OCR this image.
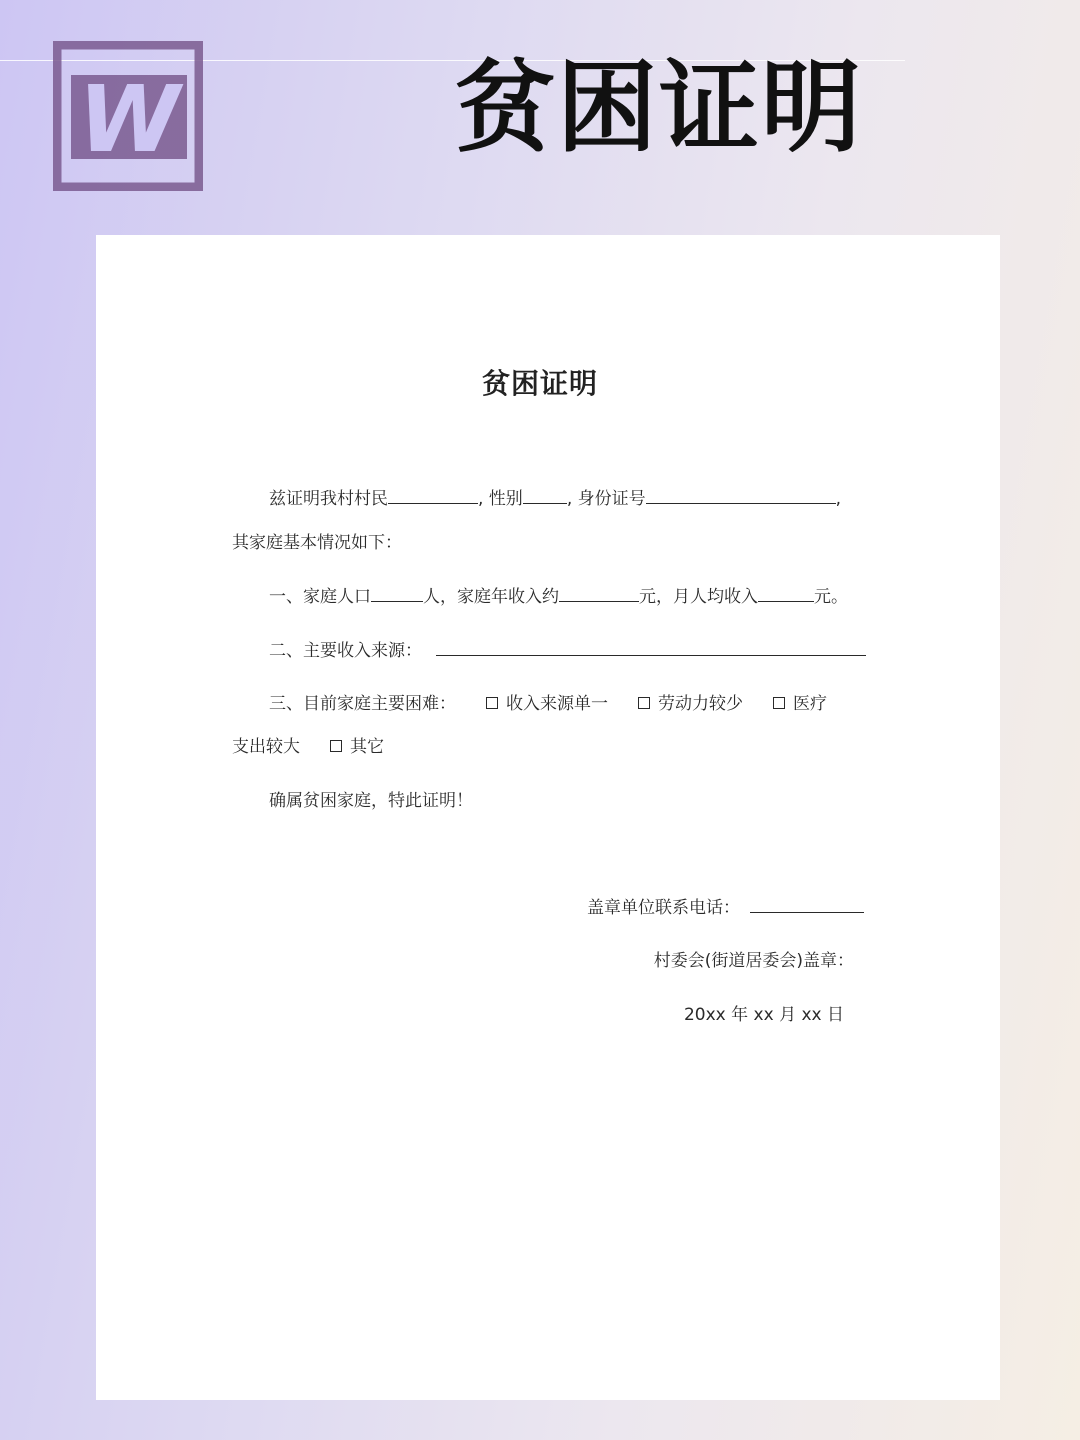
W	贫困证明
贫困证明
兹证明我村村民	, 性别	, 身份证号	,
其家庭基本情况如下：
一、家庭人口	人，家庭年收入约	元，月人均收入	元。
二、主要收入来源：
三、目前家庭主要困难：	收入来源单一	劳动力较少	医疗
支出较大	其它
确属贫困家庭，特此证明！
盖章单位联系电话：
村委会(街道居委会)盖章：
20xx 年 xx 月 xx 日
